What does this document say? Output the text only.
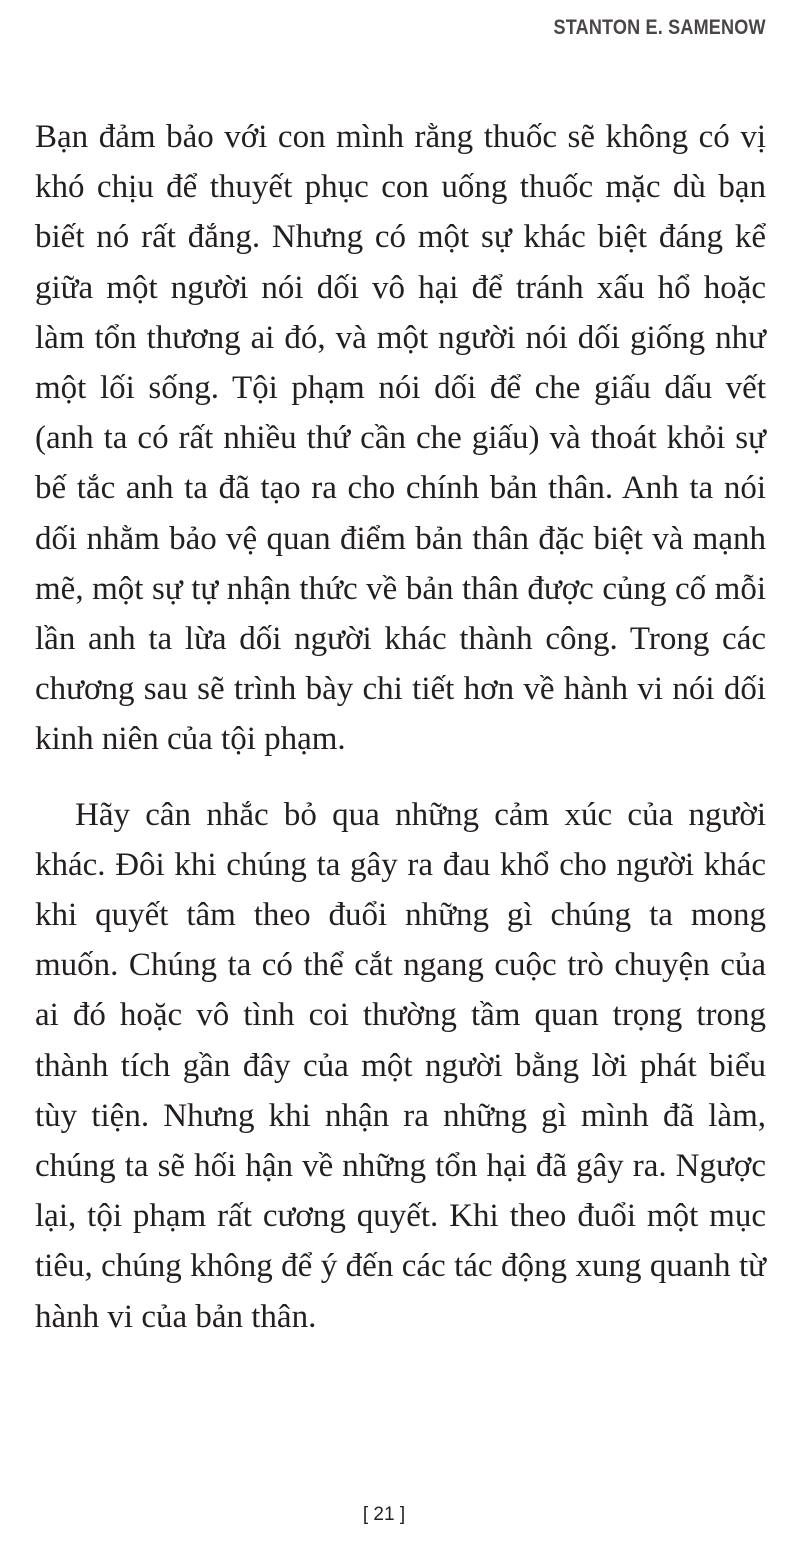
STANTON E. SAMENOW

Bạn đảm bảo với con mình rằng thuốc sẽ không có vị khó chịu để thuyết phục con uống thuốc mặc dù bạn biết nó rất đắng. Nhưng có một sự khác biệt đáng kể giữa một người nói dối vô hại để tránh xấu hổ hoặc làm tổn thương ai đó, và một người nói dối giống như một lối sống. Tội phạm nói dối để che giấu dấu vết (anh ta có rất nhiều thứ cần che giấu) và thoát khỏi sự bế tắc anh ta đã tạo ra cho chính bản thân. Anh ta nói dối nhằm bảo vệ quan điểm bản thân đặc biệt và mạnh mẽ, một sự tự nhận thức về bản thân được củng cố mỗi lần anh ta lừa dối người khác thành công. Trong các chương sau sẽ trình bày chi tiết hơn về hành vi nói dối kinh niên của tội phạm.

Hãy cân nhắc bỏ qua những cảm xúc của người khác. Đôi khi chúng ta gây ra đau khổ cho người khác khi quyết tâm theo đuổi những gì chúng ta mong muốn. Chúng ta có thể cắt ngang cuộc trò chuyện của ai đó hoặc vô tình coi thường tầm quan trọng trong thành tích gần đây của một người bằng lời phát biểu tùy tiện. Nhưng khi nhận ra những gì mình đã làm, chúng ta sẽ hối hận về những tổn hại đã gây ra. Ngược lại, tội phạm rất cương quyết. Khi theo đuổi một mục tiêu, chúng không để ý đến các tác động xung quanh từ hành vi của bản thân.

[ 21 ]
